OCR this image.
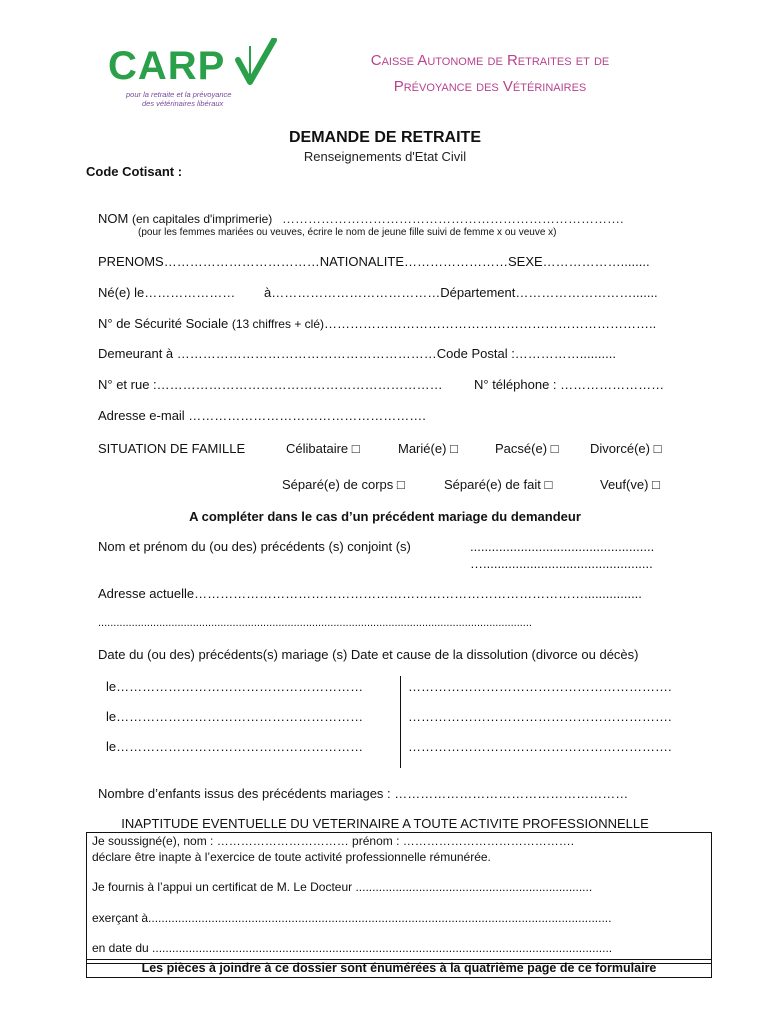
CARP
pour la retraite et la prévoyance
des vétérinaires libéraux
Caisse Autonome de Retraites et de
Prévoyance des Vétérinaires
DEMANDE DE RETRAITE
Renseignements d'Etat Civil
Code Cotisant :
NOM (en capitales d'imprimerie) …………………………………………………………………….
(pour les femmes mariées ou veuves, écrire le nom de jeune fille suivi de femme x ou veuve x)
PRENOMS………………………………NATIONALITE……………………SEXE………………........
Né(e) le………………… à…………………………………Département……………………….......
N° de Sécurité Sociale (13 chiffres + clé)…………………………………………………………………..
Demeurant à ……………………………………………………Code Postal :……………..........
N° et rue :………………………………………………………… N° téléphone : ……………………
Adresse e-mail ……………………………………………….
SITUATION DE FAMILLE	Célibataire □	Marié(e) □	Pacsé(e) □ Divorcé(e) □
Séparé(e) de corps □	Séparé(e) de fait □	Veuf(ve) □
A compléter dans le cas d’un précédent mariage du demandeur
Nom et prénom du (ou des) précédents (s) conjoint (s)	...................................................
…...............................................
Adresse actuelle………………………………………………………………………………................
..............................................................................................................................................
Date du (ou des) précédents(s) mariage (s) Date et cause de la dissolution (divorce ou décès)
le…………………………………………………	…………………………………………………….
le…………………………………………………	…………………………………………………….
le…………………………………………………	…………………………………………………….
Nombre d’enfants issus des précédents mariages : ………………………………………………
INAPTITUDE EVENTUELLE DU VETERINAIRE A TOUTE ACTIVITE PROFESSIONNELLE
Je soussigné(e), nom : …………………………… prénom : …………………………………….
déclare être inapte à l’exercice de toute activité professionnelle rémunérée.
Je fournis à l’appui un certificat de M. Le Docteur .......................................................................
exerçant à...........................................................................................................................................
en date du ..........................................................................................................................................
Les pièces à joindre à ce dossier sont énumérées à la quatrième page de ce formulaire
